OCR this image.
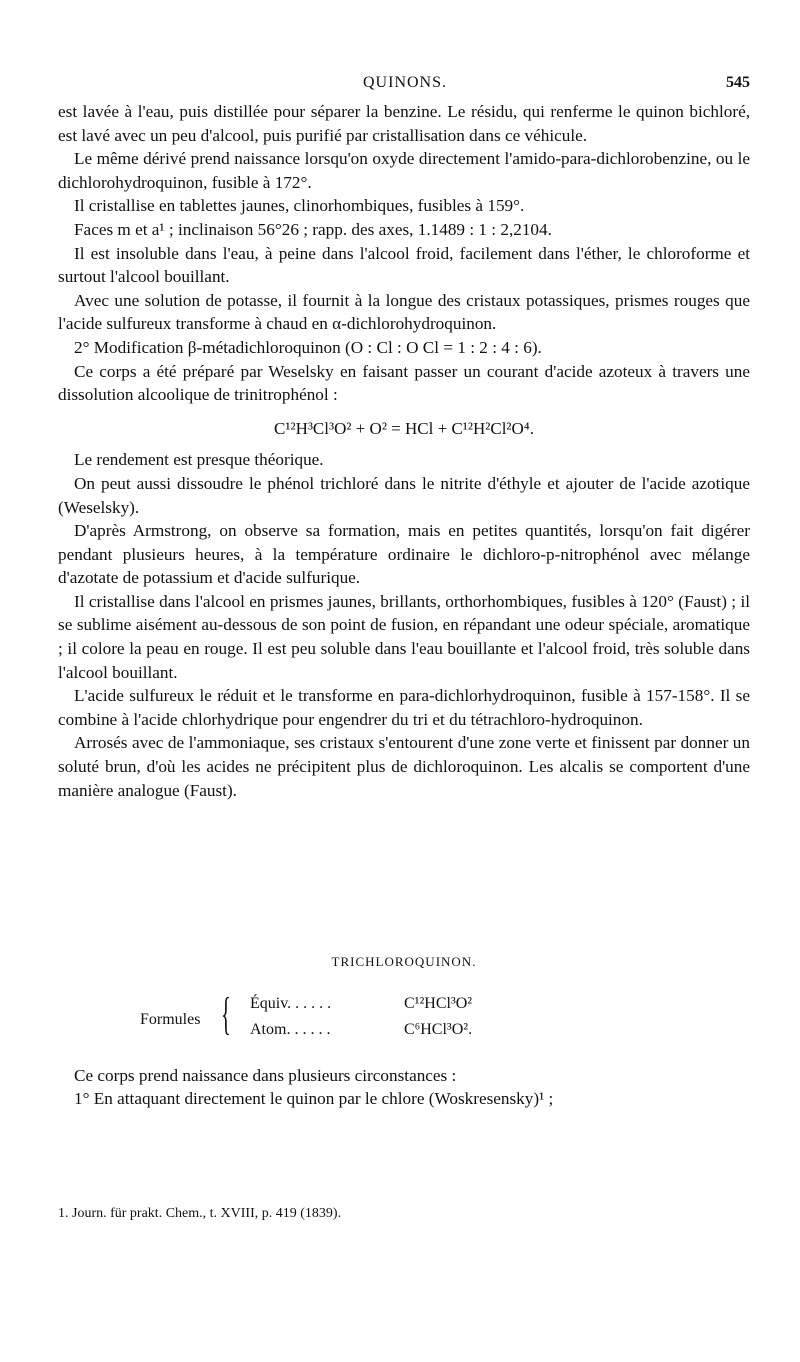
QUINONS.	545

est lavée à l'eau, puis distillée pour séparer la benzine. Le résidu, qui renferme le quinon bichloré, est lavé avec un peu d'alcool, puis purifié par cristallisation dans ce véhicule.

Le même dérivé prend naissance lorsqu'on oxyde directement l'amido-para-dichlorobenzine, ou le dichlorohydroquinon, fusible à 172°.

Il cristallise en tablettes jaunes, clinorhombiques, fusibles à 159°.

Faces m et a¹ ; inclinaison 56°26 ; rapp. des axes, 1.1489 : 1 : 2,2104.

Il est insoluble dans l'eau, à peine dans l'alcool froid, facilement dans l'éther, le chloroforme et surtout l'alcool bouillant.

Avec une solution de potasse, il fournit à la longue des cristaux potassiques, prismes rouges que l'acide sulfureux transforme à chaud en α-dichlorohydroquinon.

2° Modification β-métadichloroquinon (O : Cl : O Cl = 1 : 2 : 4 : 6).

Ce corps a été préparé par Weselsky en faisant passer un courant d'acide azoteux à travers une dissolution alcoolique de trinitrophénol :

C¹²H³Cl³O² + O² = HCl + C¹²H²Cl²O⁴.

Le rendement est presque théorique.

On peut aussi dissoudre le phénol trichloré dans le nitrite d'éthyle et ajouter de l'acide azotique (Weselsky).

D'après Armstrong, on observe sa formation, mais en petites quantités, lorsqu'on fait digérer pendant plusieurs heures, à la température ordinaire le dichloro-p-nitrophénol avec mélange d'azotate de potassium et d'acide sulfurique.

Il cristallise dans l'alcool en prismes jaunes, brillants, orthorhombiques, fusibles à 120° (Faust) ; il se sublime aisément au-dessous de son point de fusion, en répandant une odeur spéciale, aromatique ; il colore la peau en rouge. Il est peu soluble dans l'eau bouillante et l'alcool froid, très soluble dans l'alcool bouillant.

L'acide sulfureux le réduit et le transforme en para-dichlorhydroquinon, fusible à 157-158°. Il se combine à l'acide chlorhydrique pour engendrer du tri et du tétrachloro-hydroquinon.

Arrosés avec de l'ammoniaque, ses cristaux s'entourent d'une zone verte et finissent par donner un soluté brun, d'où les acides ne précipitent plus de dichloroquinon. Les alcalis se comportent d'une manière analogue (Faust).

TRICHLOROQUINON.
Formules { Équiv. . . . . .	C¹²HCl³O²
Atom. . . . . .	C⁶HCl³O².

Ce corps prend naissance dans plusieurs circonstances :

1° En attaquant directement le quinon par le chlore (Woskresensky)¹ ;

1. Journ. für prakt. Chem., t. XVIII, p. 419 (1839).
